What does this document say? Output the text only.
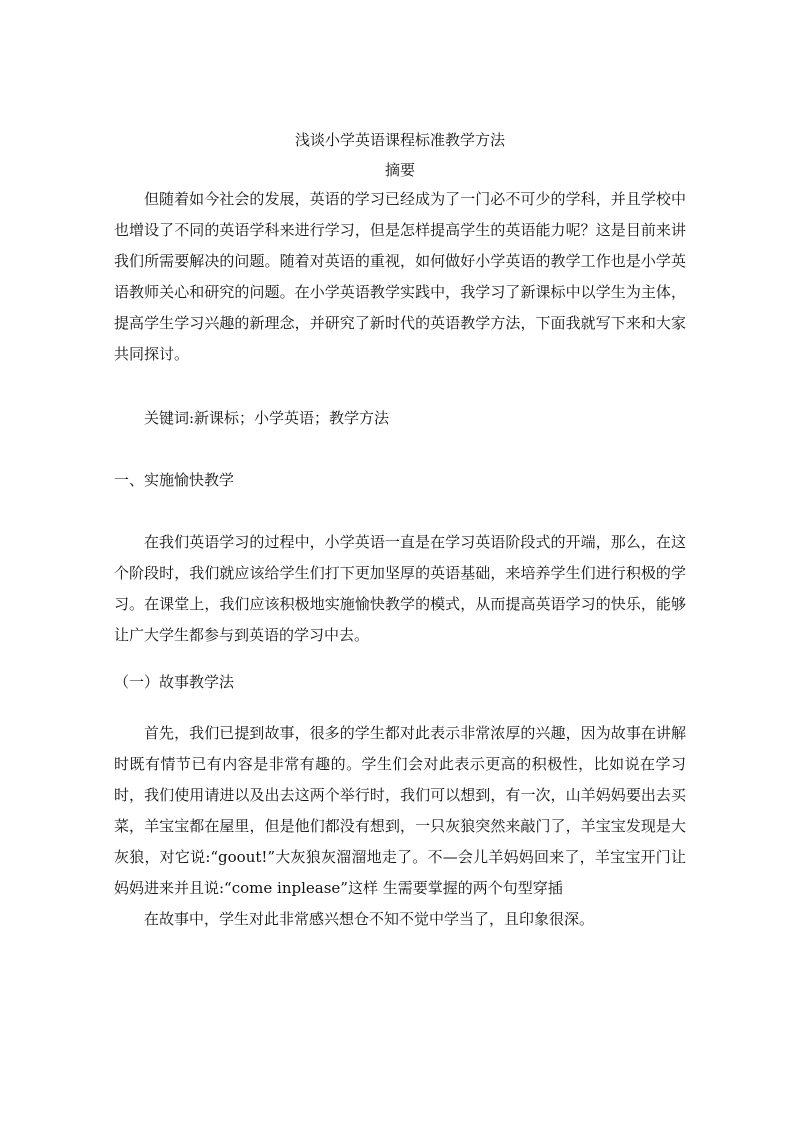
浅谈小学英语课程标准教学方法
摘要

但随着如今社会的发展，英语的学习已经成为了一门必不可少的学科，并且学校中也增设了不同的英语学科来进行学习，但是怎样提高学生的英语能力呢？这是目前来讲我们所需要解决的问题。随着对英语的重视，如何做好小学英语的教学工作也是小学英语教师关心和研究的问题。在小学英语教学实践中，我学习了新课标中以学生为主体，提高学生学习兴趣的新理念，并研究了新时代的英语教学方法，下面我就写下来和大家共同探讨。

关键词:新课标；小学英语；教学方法

一、实施愉快教学

在我们英语学习的过程中，小学英语一直是在学习英语阶段式的开端，那么，在这个阶段时，我们就应该给学生们打下更加坚厚的英语基础，来培养学生们进行积极的学习。在课堂上，我们应该积极地实施愉快教学的模式，从而提高英语学习的快乐，能够让广大学生都参与到英语的学习中去。

（一）故事教学法

首先，我们已提到故事，很多的学生都对此表示非常浓厚的兴趣，因为故事在讲解时既有情节已有内容是非常有趣的。学生们会对此表示更高的积极性，比如说在学习时，我们使用请进以及出去这两个举行时，我们可以想到，有一次，山羊妈妈要出去买菜，羊宝宝都在屋里，但是他们都没有想到，一只灰狼突然来敲门了，羊宝宝发现是大灰狼，对它说:“goout!”大灰狼灰溜溜地走了。不—会儿羊妈妈回来了，羊宝宝开门让妈妈进来并且说:“come inplease”这样 生需要掌握的两个句型穿插

在故事中，学生对此非常感兴想仓不知不觉中学当了，且印象很深。
